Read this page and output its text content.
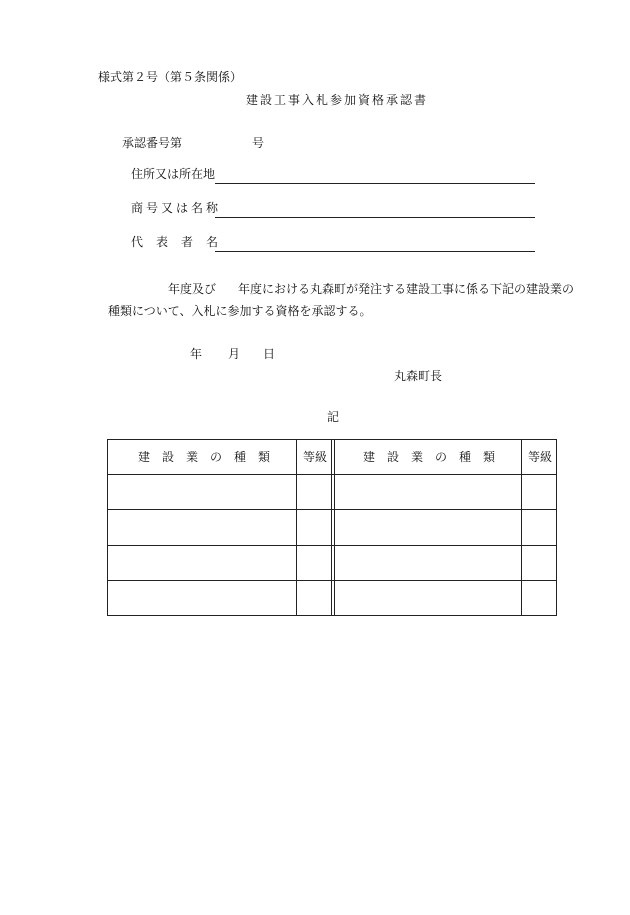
様式第２号（第５条関係）
建設工事入札参加資格承認書
承認番号第	号
住所又は所在地
商号又は名称
代表者名
年度及び 年度における丸森町が発注する建設工事に係る下記の建設業の
種類について、入札に参加する資格を承認する。
年 月 日
丸森町長
記
建設業の種類 等級	建設業の種類 等級
